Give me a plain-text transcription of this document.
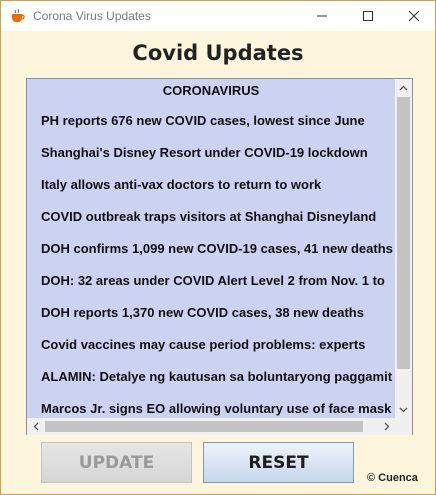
Corona Virus Updates
Covid Updates
CORONAVIRUS
PH reports 676 new COVID cases, lowest since June
Shanghai's Disney Resort under COVID-19 lockdown
Italy allows anti-vax doctors to return to work
COVID outbreak traps visitors at Shanghai Disneyland
DOH confirms 1,099 new COVID-19 cases, 41 new deaths
DOH: 32 areas under COVID Alert Level 2 from Nov. 1 to
DOH reports 1,370 new COVID cases, 38 new deaths
Covid vaccines may cause period problems: experts
ALAMIN: Detalye ng kautusan sa boluntaryong paggamit
Marcos Jr. signs EO allowing voluntary use of face mask
UPDATE	RESET
© Cuenca
